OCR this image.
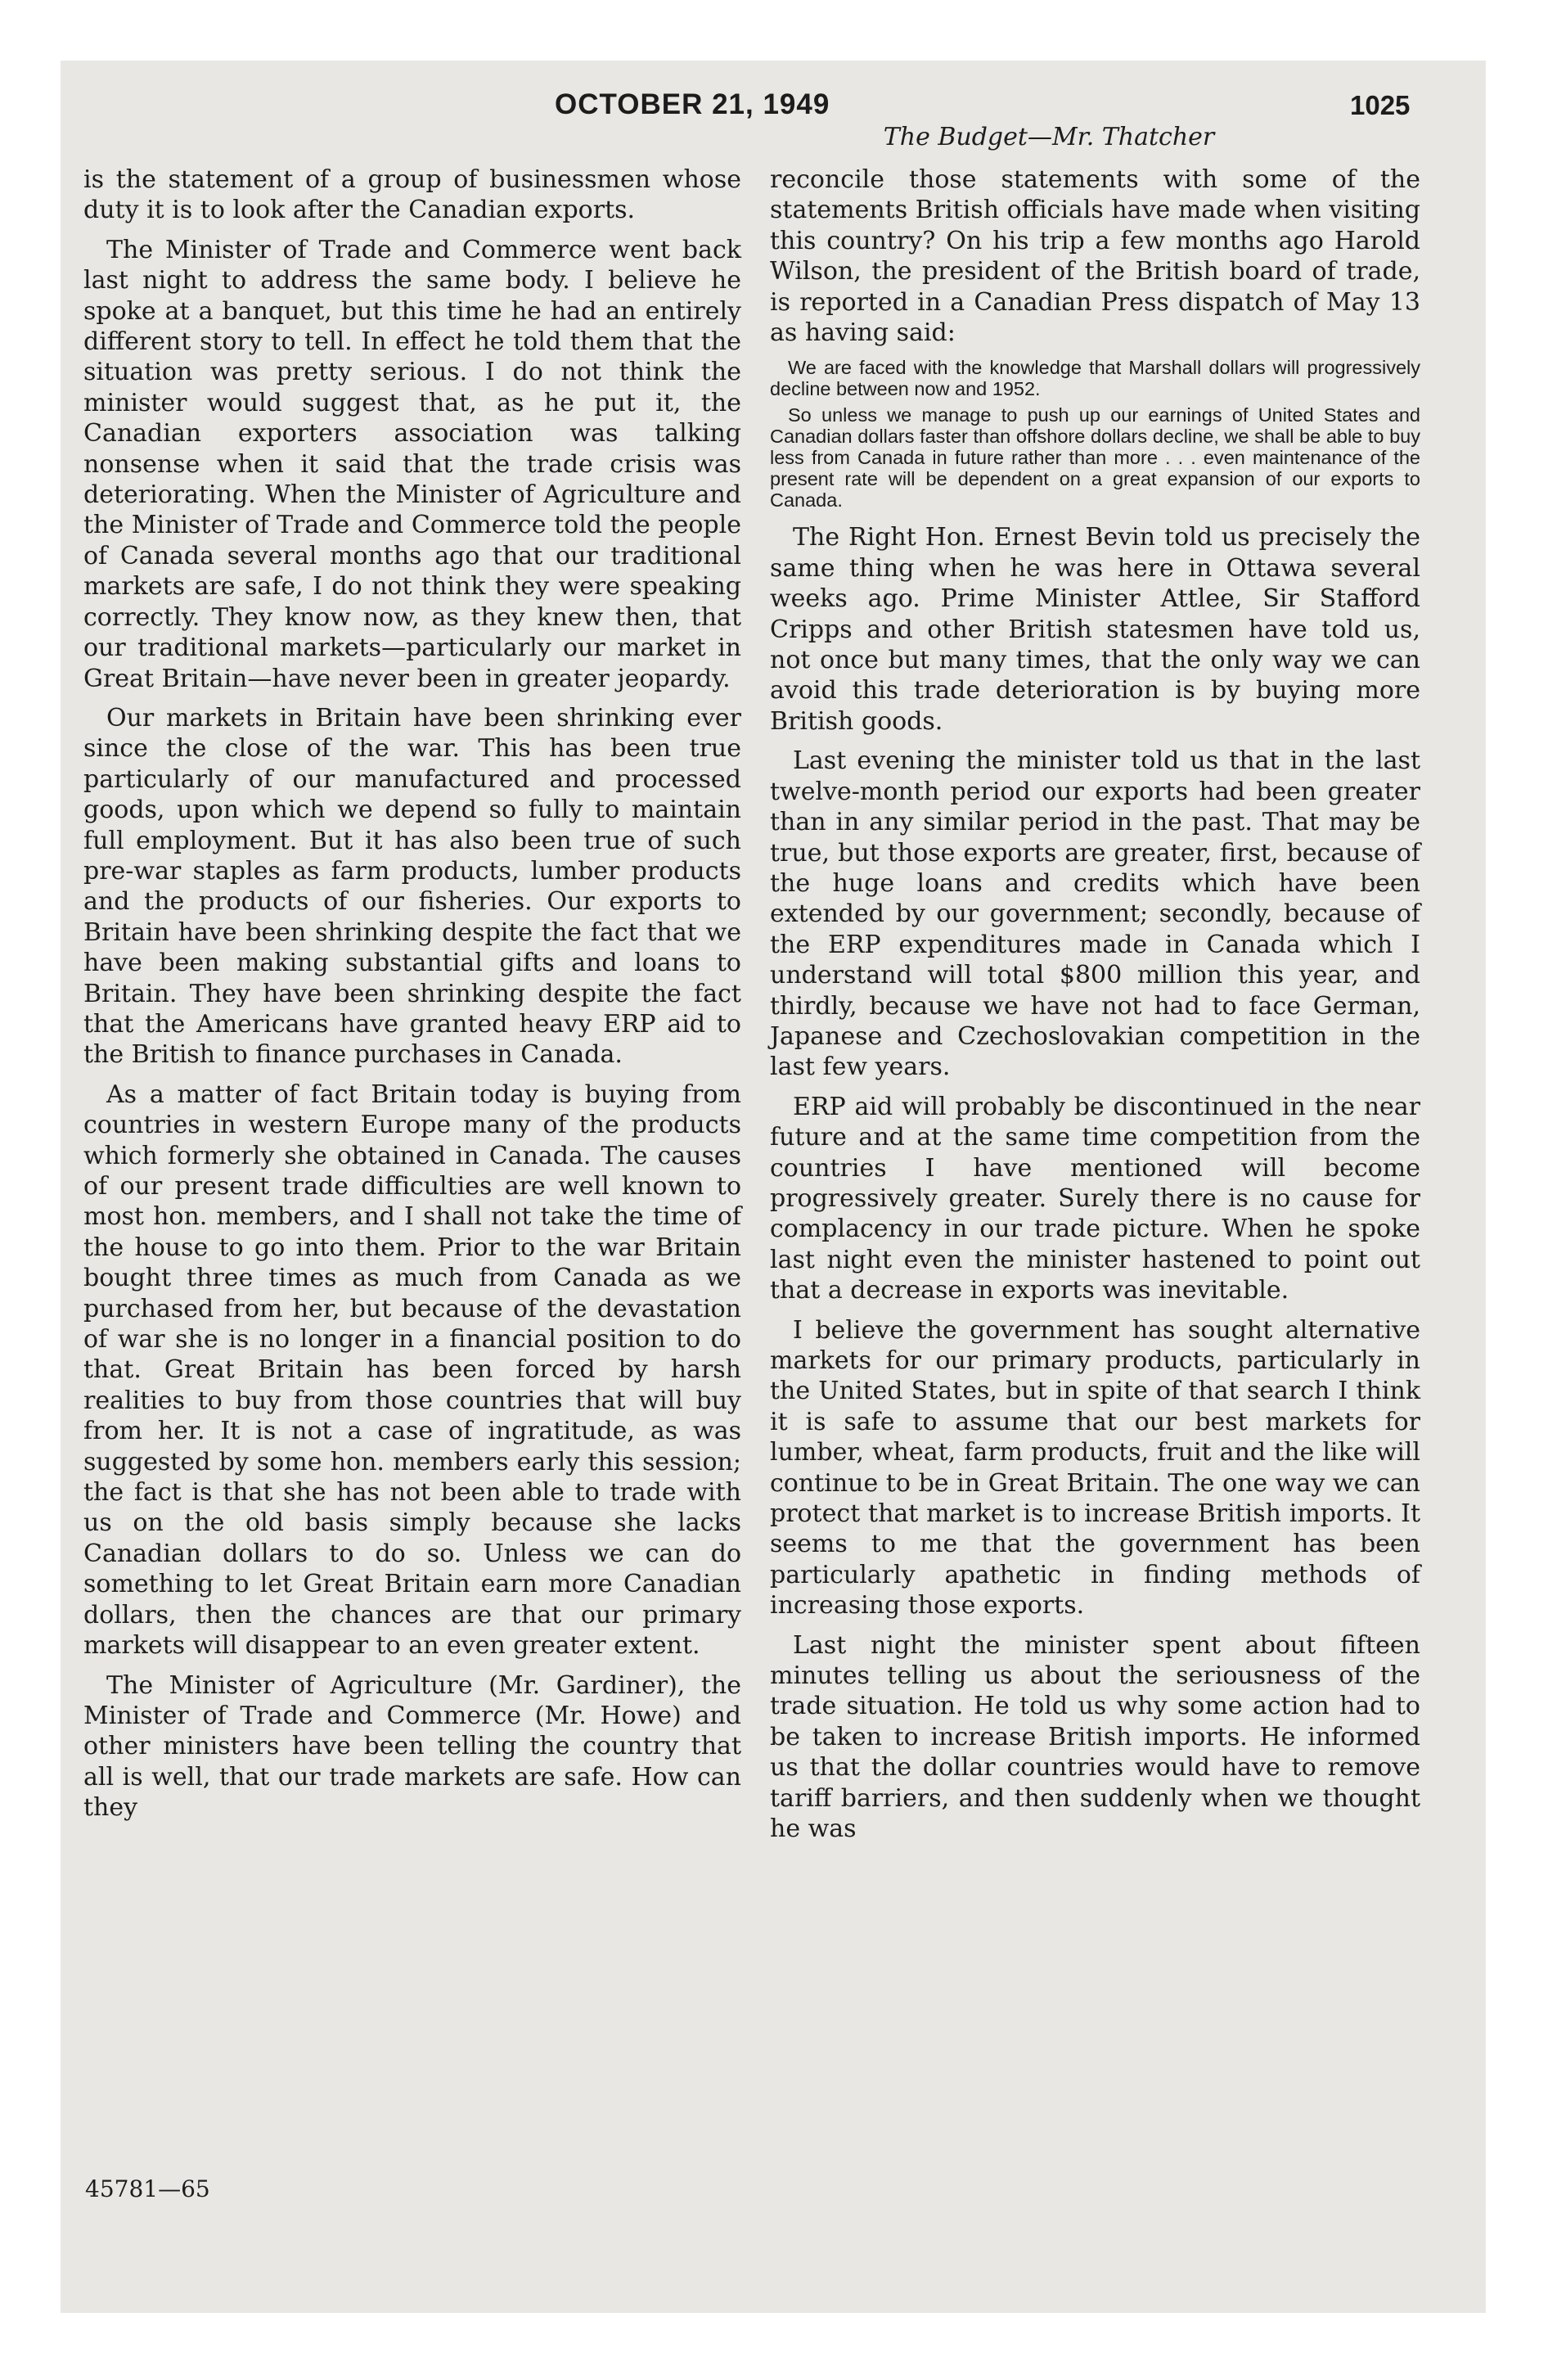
OCTOBER 21, 1949	1025
The Budget—Mr. Thatcher

is the statement of a group of businessmen whose duty it is to look after the Canadian exports.

The Minister of Trade and Commerce went back last night to address the same body. I believe he spoke at a banquet, but this time he had an entirely different story to tell. In effect he told them that the situation was pretty serious. I do not think the minister would suggest that, as he put it, the Canadian exporters association was talking nonsense when it said that the trade crisis was deteriorating. When the Minister of Agriculture and the Minister of Trade and Commerce told the people of Canada several months ago that our traditional markets are safe, I do not think they were speaking correctly. They know now, as they knew then, that our traditional markets—particularly our market in Great Britain—have never been in greater jeopardy.

Our markets in Britain have been shrinking ever since the close of the war. This has been true particularly of our manufactured and processed goods, upon which we depend so fully to maintain full employment. But it has also been true of such pre-war staples as farm products, lumber products and the products of our fisheries. Our exports to Britain have been shrinking despite the fact that we have been making substantial gifts and loans to Britain. They have been shrinking despite the fact that the Americans have granted heavy ERP aid to the British to finance purchases in Canada.

As a matter of fact Britain today is buying from countries in western Europe many of the products which formerly she obtained in Canada. The causes of our present trade difficulties are well known to most hon. members, and I shall not take the time of the house to go into them. Prior to the war Britain bought three times as much from Canada as we purchased from her, but because of the devastation of war she is no longer in a financial position to do that. Great Britain has been forced by harsh realities to buy from those countries that will buy from her. It is not a case of ingratitude, as was suggested by some hon. members early this session; the fact is that she has not been able to trade with us on the old basis simply because she lacks Canadian dollars to do so. Unless we can do something to let Great Britain earn more Canadian dollars, then the chances are that our primary markets will disappear to an even greater extent.

The Minister of Agriculture (Mr. Gardiner), the Minister of Trade and Commerce (Mr. Howe) and other ministers have been telling the country that all is well, that our trade markets are safe. How can they

reconcile those statements with some of the statements British officials have made when visiting this country? On his trip a few months ago Harold Wilson, the president of the British board of trade, is reported in a Canadian Press dispatch of May 13 as having said:

We are faced with the knowledge that Marshall dollars will progressively decline between now and 1952.

So unless we manage to push up our earnings of United States and Canadian dollars faster than offshore dollars decline, we shall be able to buy less from Canada in future rather than more . . . even maintenance of the present rate will be dependent on a great expansion of our exports to Canada.

The Right Hon. Ernest Bevin told us precisely the same thing when he was here in Ottawa several weeks ago. Prime Minister Attlee, Sir Stafford Cripps and other British statesmen have told us, not once but many times, that the only way we can avoid this trade deterioration is by buying more British goods.

Last evening the minister told us that in the last twelve-month period our exports had been greater than in any similar period in the past. That may be true, but those exports are greater, first, because of the huge loans and credits which have been extended by our government; secondly, because of the ERP expenditures made in Canada which I understand will total $800 million this year, and thirdly, because we have not had to face German, Japanese and Czechoslovakian competition in the last few years.

ERP aid will probably be discontinued in the near future and at the same time competition from the countries I have mentioned will become progressively greater. Surely there is no cause for complacency in our trade picture. When he spoke last night even the minister hastened to point out that a decrease in exports was inevitable.

I believe the government has sought alternative markets for our primary products, particularly in the United States, but in spite of that search I think it is safe to assume that our best markets for lumber, wheat, farm products, fruit and the like will continue to be in Great Britain. The one way we can protect that market is to increase British imports. It seems to me that the government has been particularly apathetic in finding methods of increasing those exports.

Last night the minister spent about fifteen minutes telling us about the seriousness of the trade situation. He told us why some action had to be taken to increase British imports. He informed us that the dollar countries would have to remove tariff barriers, and then suddenly when we thought he was

45781—65
